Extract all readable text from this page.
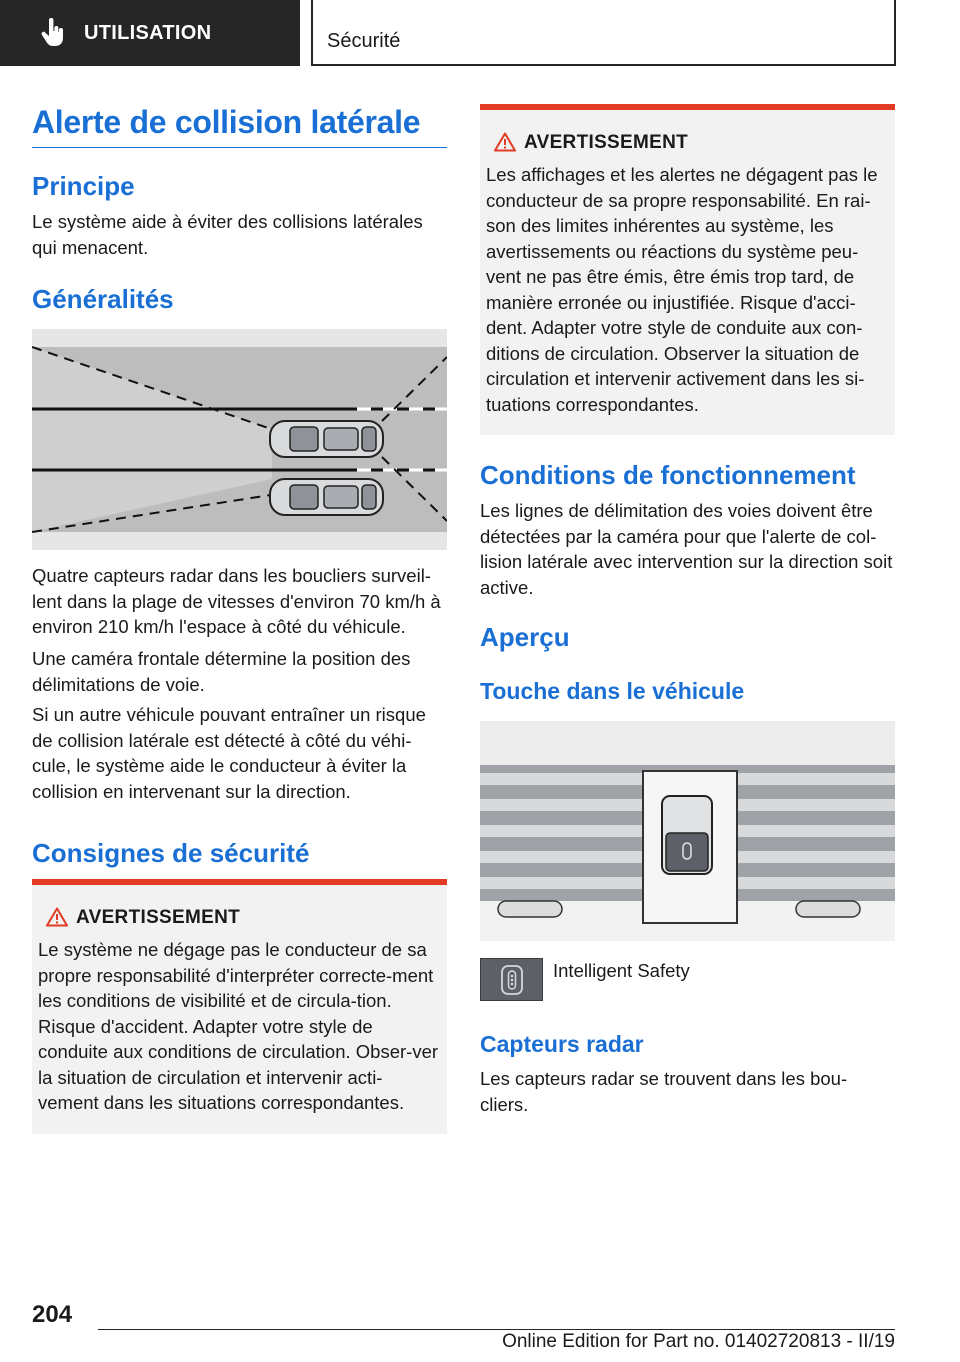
UTILISATION	Sécurité
Alerte de collision latérale
Principe
Le système aide à éviter des collisions latérales qui menacent.
Généralités
Quatre capteurs radar dans les boucliers surveil-lent dans la plage de vitesses d'environ 70 km/h à environ 210 km/h l'espace à côté du véhicule.
Une caméra frontale détermine la position des délimitations de voie.
Si un autre véhicule pouvant entraîner un risque de collision latérale est détecté à côté du véhi-cule, le système aide le conducteur à éviter la collision en intervenant sur la direction.
Consignes de sécurité
AVERTISSEMENT
Le système ne dégage pas le conducteur de sa propre responsabilité d'interpréter correcte-ment les conditions de visibilité et de circula-tion. Risque d'accident. Adapter votre style de conduite aux conditions de circulation. Obser-ver la situation de circulation et intervenir acti-vement dans les situations correspondantes.
AVERTISSEMENT
Les affichages et les alertes ne dégagent pas le conducteur de sa propre responsabilité. En rai-son des limites inhérentes au système, les avertissements ou réactions du système peu-vent ne pas être émis, être émis trop tard, de manière erronée ou injustifiée. Risque d'acci-dent. Adapter votre style de conduite aux con-ditions de circulation. Observer la situation de circulation et intervenir activement dans les si-tuations correspondantes.
Conditions de fonctionnement
Les lignes de délimitation des voies doivent être détectées par la caméra pour que l'alerte de col-lision latérale avec intervention sur la direction soit active.
Aperçu
Touche dans le véhicule
Intelligent Safety
Capteurs radar
Les capteurs radar se trouvent dans les bou-cliers.
204
Online Edition for Part no. 01402720813 - II/19
